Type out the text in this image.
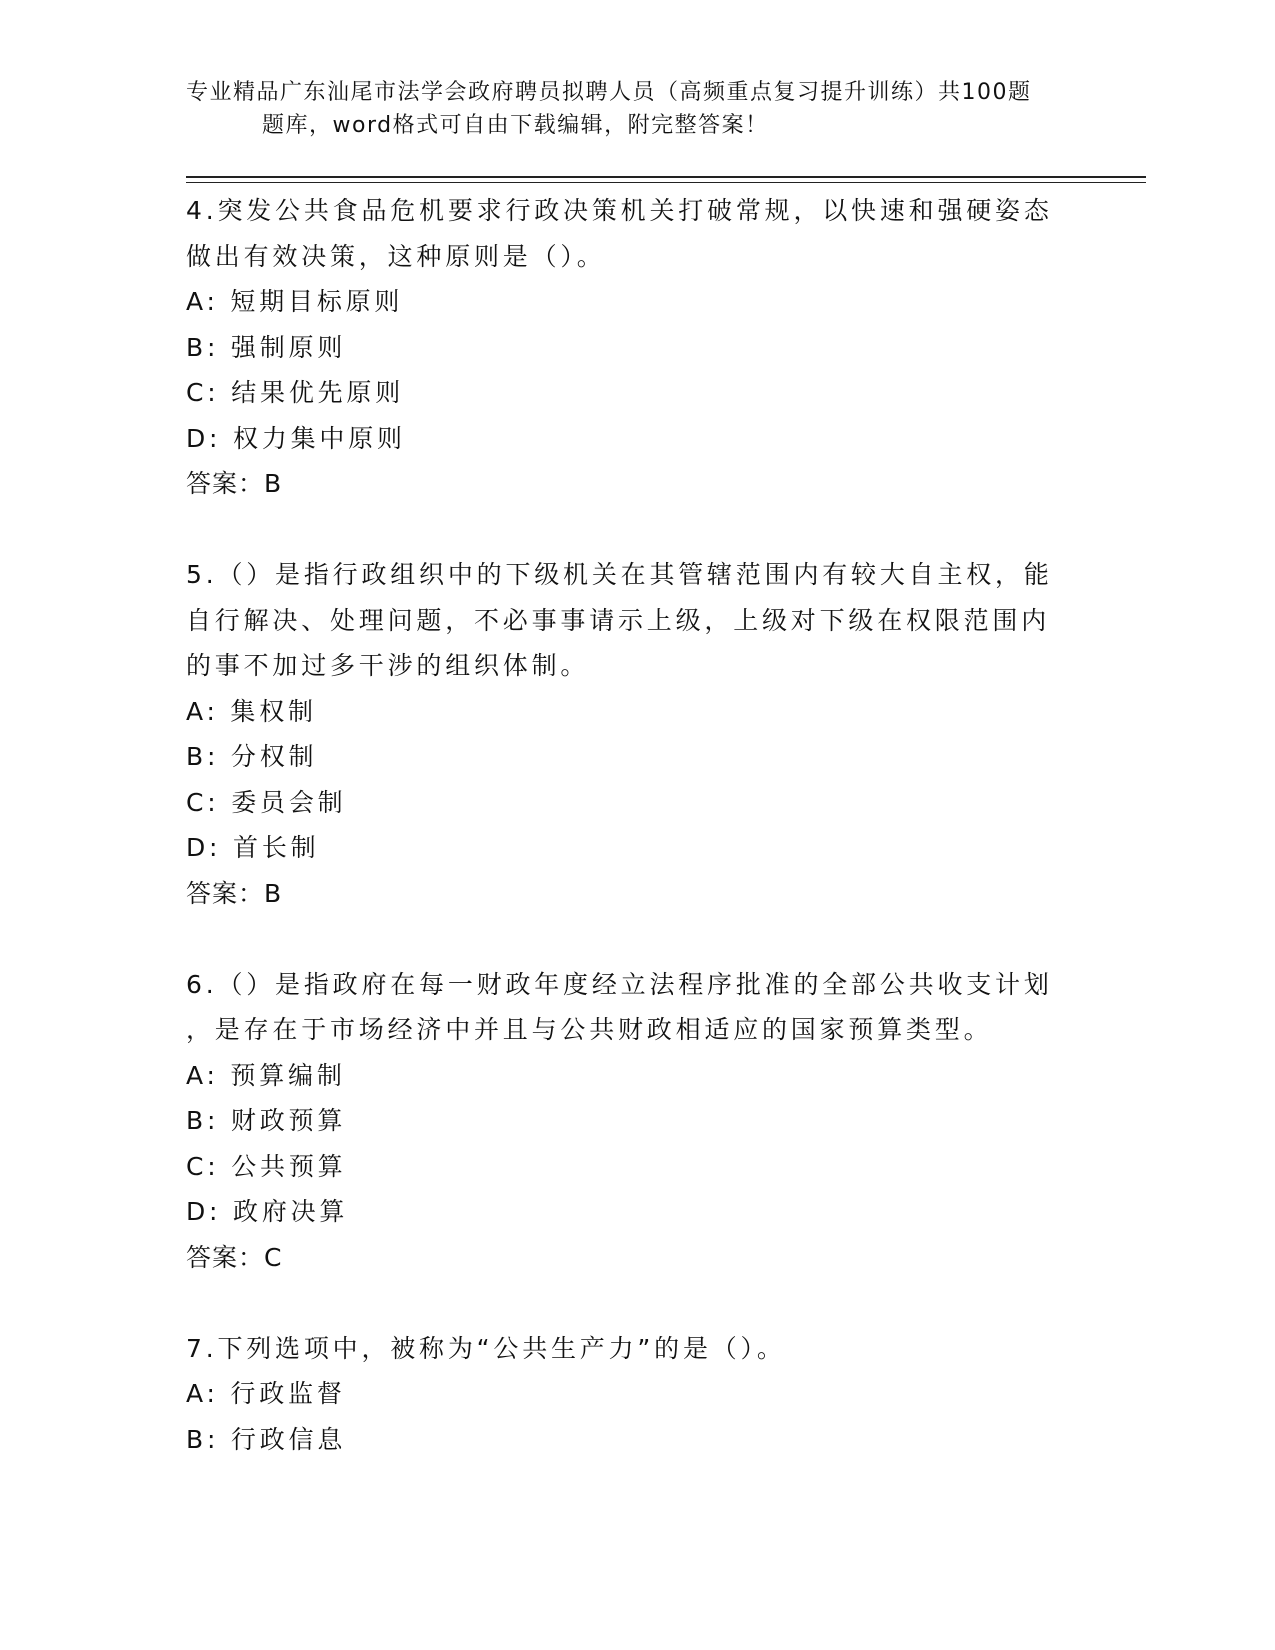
专业精品广东汕尾市法学会政府聘员拟聘人员（高频重点复习提升训练）共100题
题库，word格式可自由下载编辑，附完整答案！
4.突发公共食品危机要求行政决策机关打破常规，以快速和强硬姿态
做出有效决策，这种原则是（）。
A: 短期目标原则
B: 强制原则
C: 结果优先原则
D: 权力集中原则
答案：B
5.（）是指行政组织中的下级机关在其管辖范围内有较大自主权，能
自行解决、处理问题，不必事事请示上级，上级对下级在权限范围内
的事不加过多干涉的组织体制。
A: 集权制
B: 分权制
C: 委员会制
D: 首长制
答案：B
6.（）是指政府在每一财政年度经立法程序批准的全部公共收支计划
，是存在于市场经济中并且与公共财政相适应的国家预算类型。
A: 预算编制
B: 财政预算
C: 公共预算
D: 政府决算
答案：C
7.下列选项中，被称为“公共生产力”的是（）。
A: 行政监督
B: 行政信息
